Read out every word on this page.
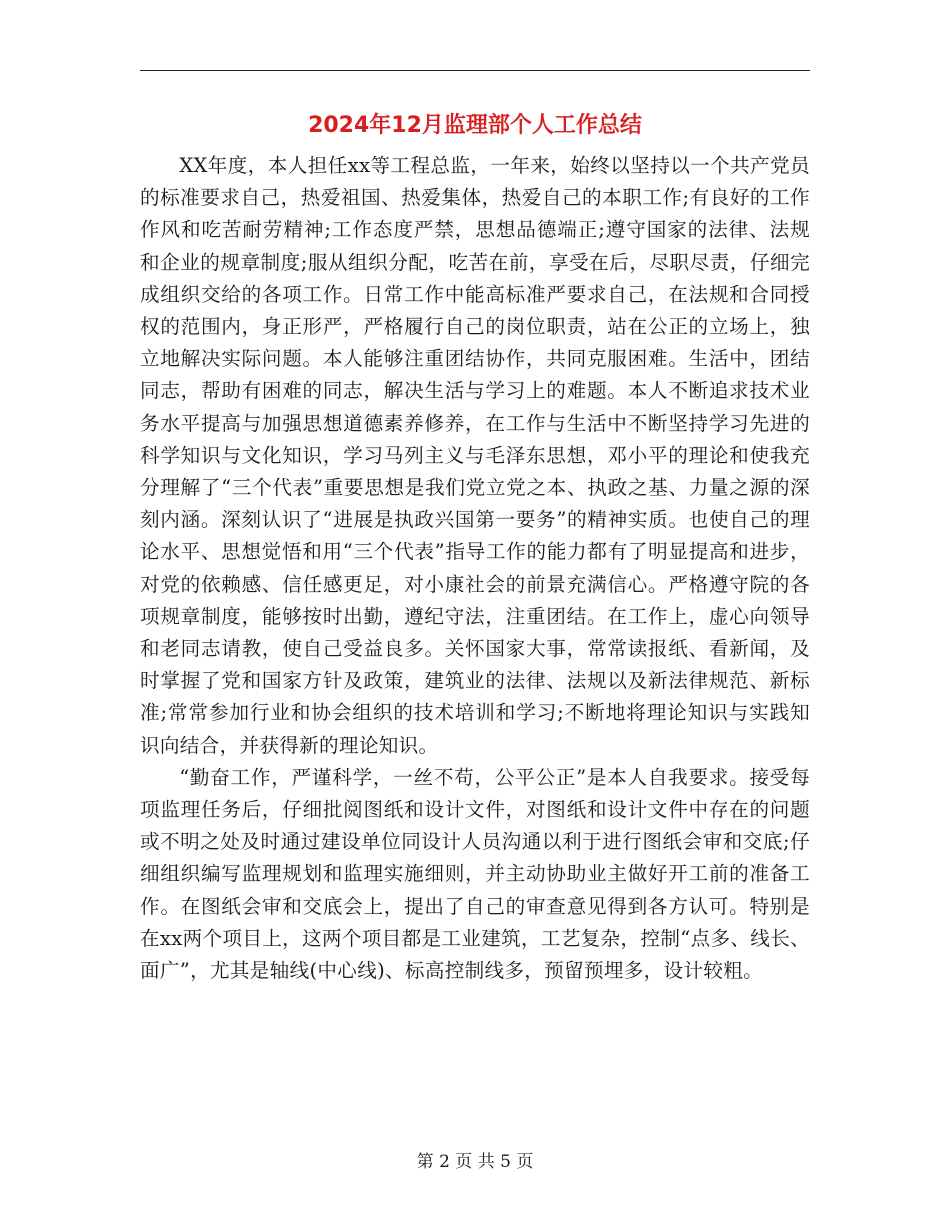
2024年12月监理部个人工作总结

XX年度，本人担任xx等工程总监，一年来，始终以坚持以一个共产党员的标准要求自己，热爱祖国、热爱集体，热爱自己的本职工作;有良好的工作作风和吃苦耐劳精神;工作态度严禁，思想品德端正;遵守国家的法律、法规和企业的规章制度;服从组织分配，吃苦在前，享受在后，尽职尽责，仔细完成组织交给的各项工作。日常工作中能高标准严要求自己，在法规和合同授权的范围内，身正形严，严格履行自己的岗位职责，站在公正的立场上，独立地解决实际问题。本人能够注重团结协作，共同克服困难。生活中，团结同志，帮助有困难的同志，解决生活与学习上的难题。本人不断追求技术业务水平提高与加强思想道德素养修养，在工作与生活中不断坚持学习先进的科学知识与文化知识，学习马列主义与毛泽东思想，邓小平的理论和使我充分理解了“三个代表”重要思想是我们党立党之本、执政之基、力量之源的深刻内涵。深刻认识了“进展是执政兴国第一要务”的精神实质。也使自己的理论水平、思想觉悟和用“三个代表”指导工作的能力都有了明显提高和进步，对党的依赖感、信任感更足，对小康社会的前景充满信心。严格遵守院的各项规章制度，能够按时出勤，遵纪守法，注重团结。在工作上，虚心向领导和老同志请教，使自己受益良多。关怀国家大事，常常读报纸、看新闻，及时掌握了党和国家方针及政策，建筑业的法律、法规以及新法律规范、新标准;常常参加行业和协会组织的技术培训和学习;不断地将理论知识与实践知识向结合，并获得新的理论知识。

“勤奋工作，严谨科学，一丝不苟，公平公正”是本人自我要求。接受每项监理任务后，仔细批阅图纸和设计文件，对图纸和设计文件中存在的问题或不明之处及时通过建设单位同设计人员沟通以利于进行图纸会审和交底;仔细组织编写监理规划和监理实施细则，并主动协助业主做好开工前的准备工作。在图纸会审和交底会上，提出了自己的审查意见得到各方认可。特别是在xx两个项目上，这两个项目都是工业建筑，工艺复杂，控制“点多、线长、面广”，尤其是轴线(中心线)、标高控制线多，预留预埋多，设计较粗。

第 2 页 共 5 页
